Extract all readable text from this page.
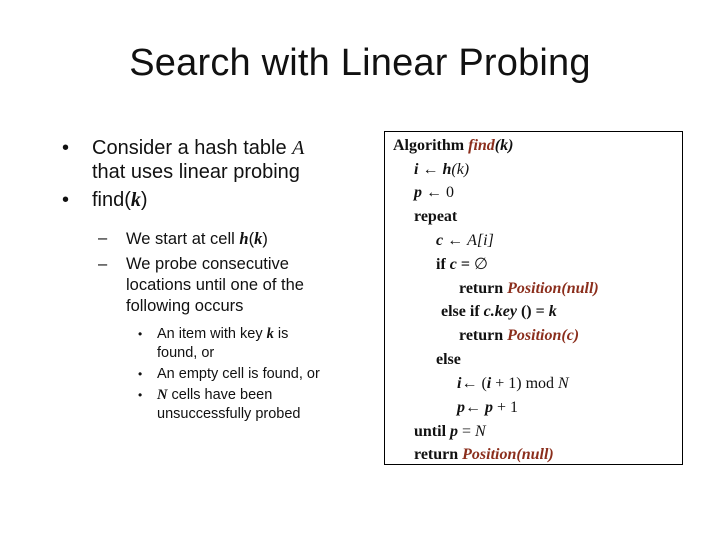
Search with Linear Probing
• Consider a hash table A
that uses linear probing
• find(k)
– We start at cell h(k)
– We probe consecutive
locations until one of the
following occurs
• An item with key k is
found, or
• An empty cell is found, or
• N cells have been
unsuccessfully probed
Algorithm find(k)
i ← h(k)
p ← 0
repeat
c ← A[i]
if c = ∅
return Position(null)
else if c.key () = k
return Position(c)
else
i← (i + 1) mod N
p← p + 1
until p = N
return Position(null)
